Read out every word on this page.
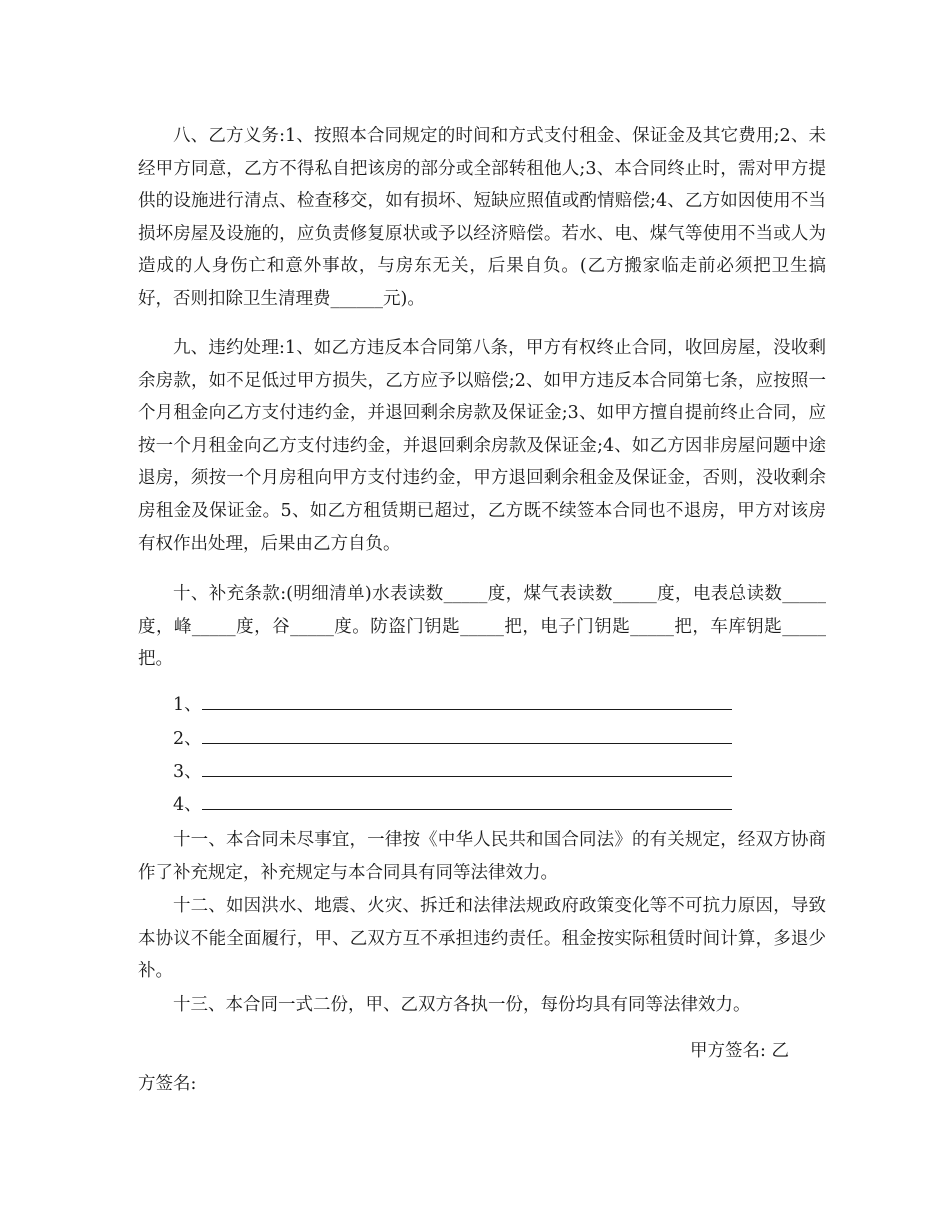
八、乙方义务:1、按照本合同规定的时间和方式支付租金、保证金及其它费用;2、未经甲方同意，乙方不得私自把该房的部分或全部转租他人;3、本合同终止时，需对甲方提供的设施进行清点、检查移交，如有损坏、短缺应照值或酌情赔偿;4、乙方如因使用不当损坏房屋及设施的，应负责修复原状或予以经济赔偿。若水、电、煤气等使用不当或人为造成的人身伤亡和意外事故，与房东无关，后果自负。(乙方搬家临走前必须把卫生搞好，否则扣除卫生清理费______元)。

九、违约处理:1、如乙方违反本合同第八条，甲方有权终止合同，收回房屋，没收剩余房款，如不足低过甲方损失，乙方应予以赔偿;2、如甲方违反本合同第七条，应按照一个月租金向乙方支付违约金，并退回剩余房款及保证金;3、如甲方擅自提前终止合同，应按一个月租金向乙方支付违约金，并退回剩余房款及保证金;4、如乙方因非房屋问题中途退房，须按一个月房租向甲方支付违约金，甲方退回剩余租金及保证金，否则，没收剩余房租金及保证金。5、如乙方租赁期已超过，乙方既不续签本合同也不退房，甲方对该房有权作出处理，后果由乙方自负。

十、补充条款:(明细清单)水表读数_____度，煤气表读数_____度，电表总读数_____度，峰_____度，谷_____度。防盗门钥匙_____把，电子门钥匙_____把，车库钥匙_____把。

1、
2、
3、
4、

十一、本合同未尽事宜，一律按《中华人民共和国合同法》的有关规定，经双方协商作了补充规定，补充规定与本合同具有同等法律效力。

十二、如因洪水、地震、火灾、拆迁和法律法规政府政策变化等不可抗力原因，导致本协议不能全面履行，甲、乙双方互不承担违约责任。租金按实际租赁时间计算，多退少补。

十三、本合同一式二份，甲、乙双方各执一份，每份均具有同等法律效力。

甲方签名: 乙
方签名:
